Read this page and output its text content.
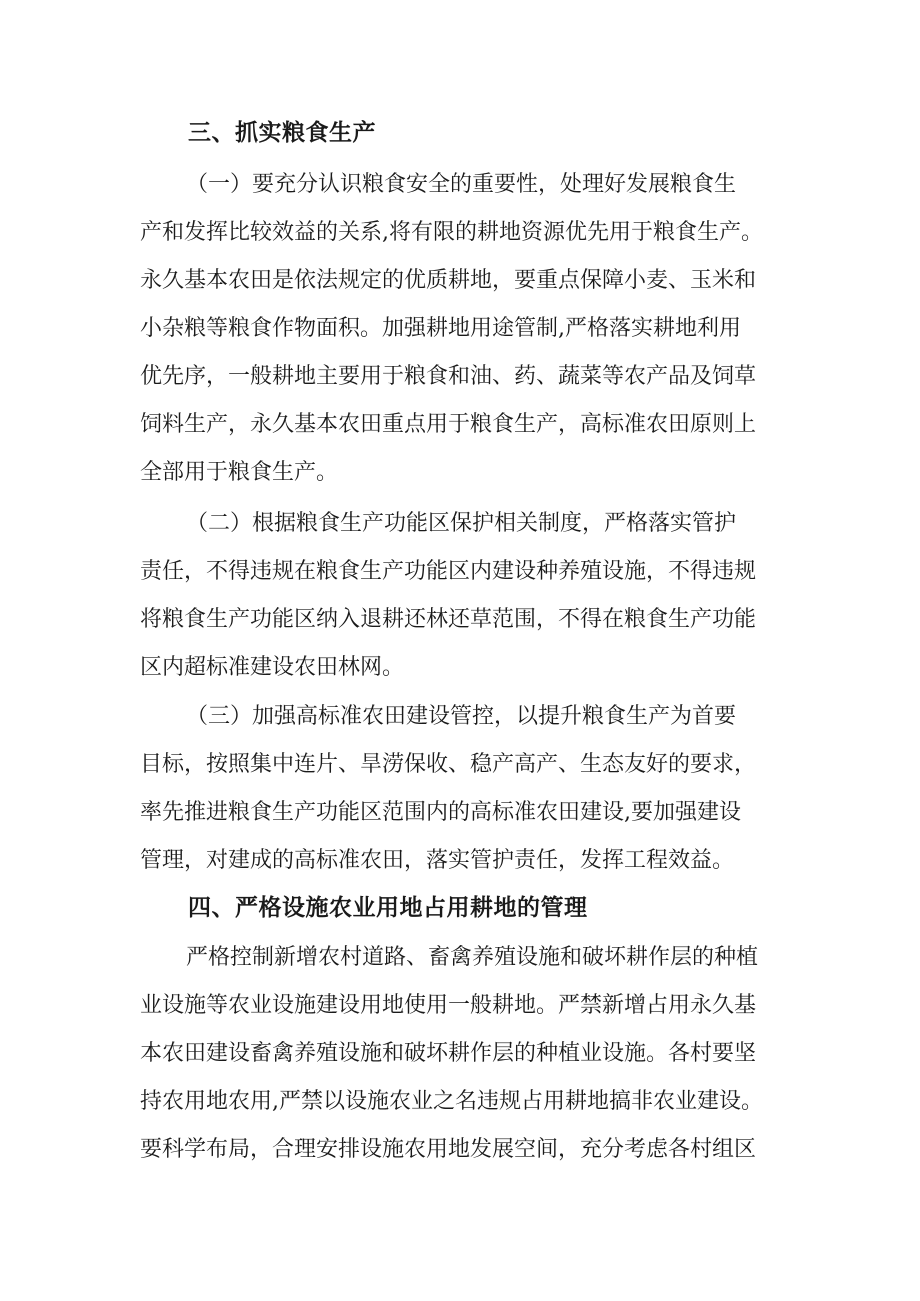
三、抓实粮食生产
（一）要充分认识粮食安全的重要性，处理好发展粮食生
产和发挥比较效益的关系,将有限的耕地资源优先用于粮食生产。
永久基本农田是依法规定的优质耕地，要重点保障小麦、玉米和
小杂粮等粮食作物面积。加强耕地用途管制,严格落实耕地利用
优先序，一般耕地主要用于粮食和油、药、蔬菜等农产品及饲草
饲料生产，永久基本农田重点用于粮食生产，高标准农田原则上
全部用于粮食生产。
（二）根据粮食生产功能区保护相关制度，严格落实管护
责任，不得违规在粮食生产功能区内建设种养殖设施，不得违规
将粮食生产功能区纳入退耕还林还草范围，不得在粮食生产功能
区内超标准建设农田林网。
（三）加强高标准农田建设管控，以提升粮食生产为首要
目标，按照集中连片、旱涝保收、稳产高产、生态友好的要求，
率先推进粮食生产功能区范围内的高标准农田建设,要加强建设
管理，对建成的高标准农田，落实管护责任，发挥工程效益。
四、严格设施农业用地占用耕地的管理
严格控制新增农村道路、畜禽养殖设施和破坏耕作层的种植
业设施等农业设施建设用地使用一般耕地。严禁新增占用永久基
本农田建设畜禽养殖设施和破坏耕作层的种植业设施。各村要坚
持农用地农用,严禁以设施农业之名违规占用耕地搞非农业建设。
要科学布局，合理安排设施农用地发展空间，充分考虑各村组区
